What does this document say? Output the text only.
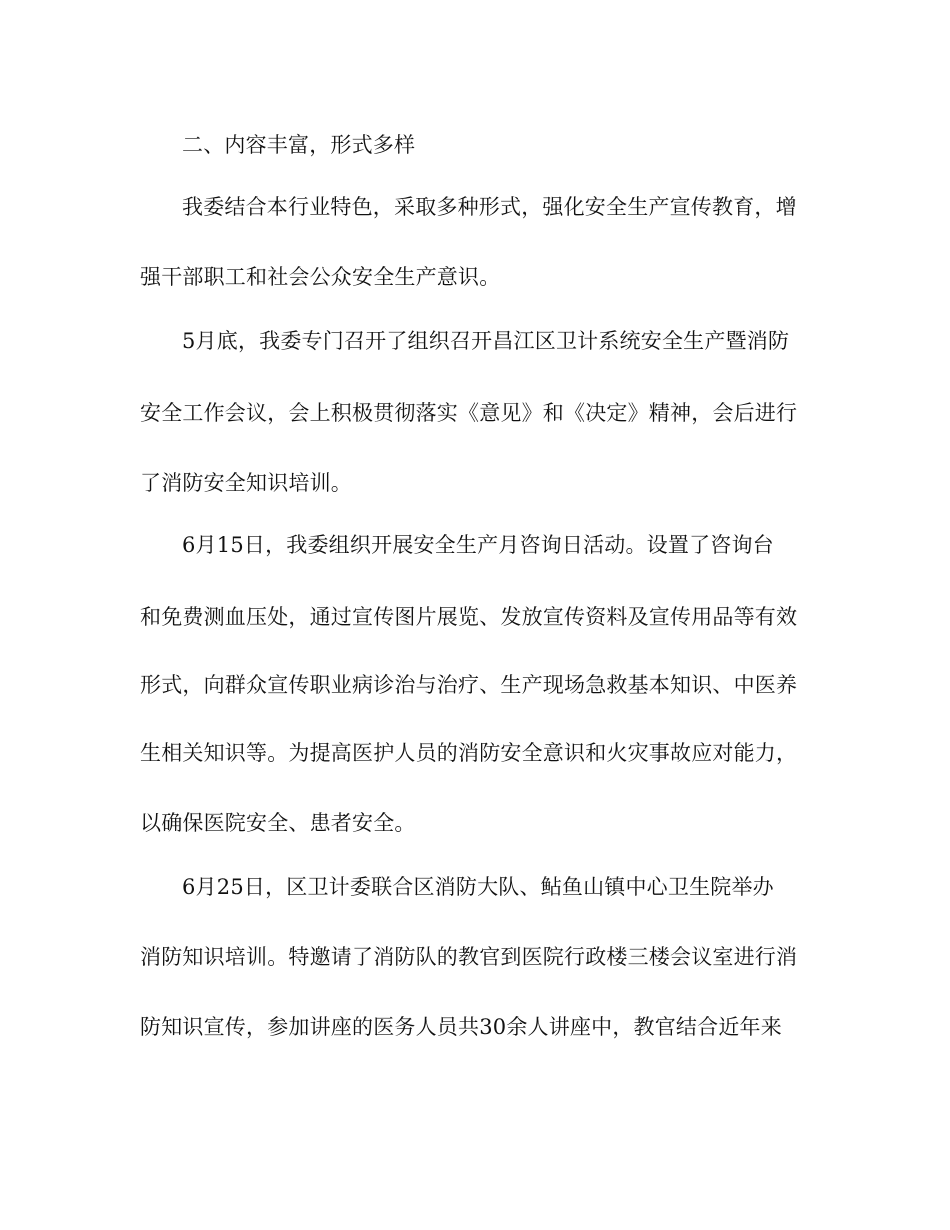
二、内容丰富，形式多样
我委结合本行业特色，采取多种形式，强化安全生产宣传教育，增
强干部职工和社会公众安全生产意识。
5月底，我委专门召开了组织召开昌江区卫计系统安全生产暨消防
安全工作会议，会上积极贯彻落实《意见》和《决定》精神，会后进行
了消防安全知识培训。
6月15日，我委组织开展安全生产月咨询日活动。设置了咨询台
和免费测血压处，通过宣传图片展览、发放宣传资料及宣传用品等有效
形式，向群众宣传职业病诊治与治疗、生产现场急救基本知识、中医养
生相关知识等。为提高医护人员的消防安全意识和火灾事故应对能力，
以确保医院安全、患者安全。
6月25日，区卫计委联合区消防大队、鲇鱼山镇中心卫生院举办
消防知识培训。特邀请了消防队的教官到医院行政楼三楼会议室进行消
防知识宣传，参加讲座的医务人员共30余人讲座中，教官结合近年来
